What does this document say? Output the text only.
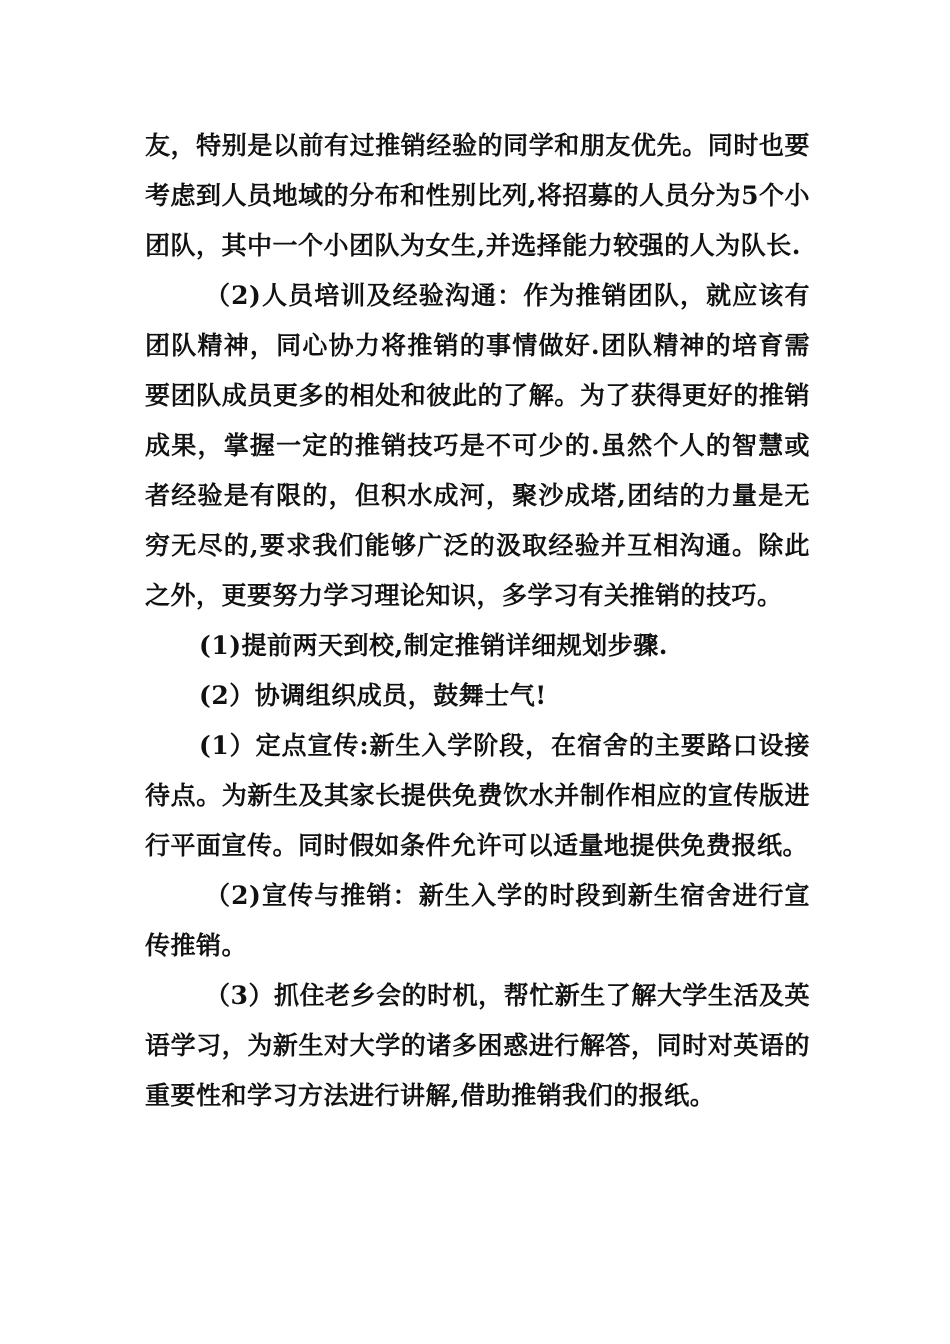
友，特别是以前有过推销经验的同学和朋友优先。同时也要考虑到人员地域的分布和性别比列,将招募的人员分为5个小团队，其中一个小团队为女生,并选择能力较强的人为队长.

（2)人员培训及经验沟通：作为推销团队，就应该有团队精神，同心协力将推销的事情做好.团队精神的培育需要团队成员更多的相处和彼此的了解。为了获得更好的推销成果，掌握一定的推销技巧是不可少的.虽然个人的智慧或者经验是有限的，但积水成河，聚沙成塔,团结的力量是无穷无尽的,要求我们能够广泛的汲取经验并互相沟通。除此之外，更要努力学习理论知识，多学习有关推销的技巧。

(1)提前两天到校,制定推销详细规划步骤.

(2）协调组织成员，鼓舞士气!

(1）定点宣传:新生入学阶段，在宿舍的主要路口设接待点。为新生及其家长提供免费饮水并制作相应的宣传版进行平面宣传。同时假如条件允许可以适量地提供免费报纸。

（2)宣传与推销：新生入学的时段到新生宿舍进行宣传推销。

（3）抓住老乡会的时机，帮忙新生了解大学生活及英语学习，为新生对大学的诸多困惑进行解答，同时对英语的重要性和学习方法进行讲解,借助推销我们的报纸。
